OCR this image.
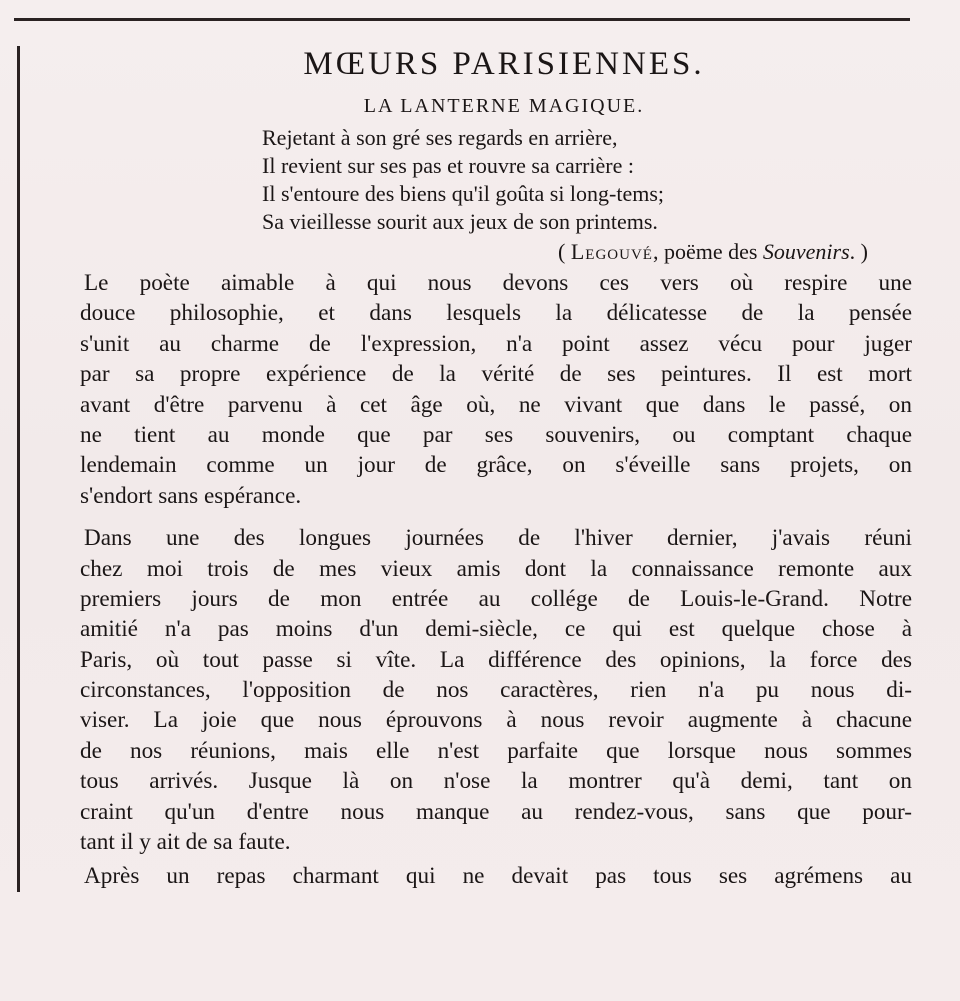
MŒURS PARISIENNES.
LA LANTERNE MAGIQUE.
Rejetant à son gré ses regards en arrière,
Il revient sur ses pas et rouvre sa carrière :
Il s'entoure des biens qu'il goûta si long-tems;
Sa vieillesse sourit aux jeux de son printems.
( Legouvé, poëme des Souvenirs. )
Le poète aimable à qui nous devons ces vers où respire une
douce philosophie, et dans lesquels la délicatesse de la pensée
s'unit au charme de l'expression, n'a point assez vécu pour juger
par sa propre expérience de la vérité de ses peintures. Il est mort
avant d'être parvenu à cet âge où, ne vivant que dans le passé, on
ne tient au monde que par ses souvenirs, ou comptant chaque
lendemain comme un jour de grâce, on s'éveille sans projets, on
s'endort sans espérance.
Dans une des longues journées de l'hiver dernier, j'avais réuni
chez moi trois de mes vieux amis dont la connaissance remonte aux
premiers jours de mon entrée au collége de Louis-le-Grand. Notre
amitié n'a pas moins d'un demi-siècle, ce qui est quelque chose à
Paris, où tout passe si vîte. La différence des opinions, la force des
circonstances, l'opposition de nos caractères, rien n'a pu nous di-
viser. La joie que nous éprouvons à nous revoir augmente à chacune
de nos réunions, mais elle n'est parfaite que lorsque nous sommes
tous arrivés. Jusque là on n'ose la montrer qu'à demi, tant on
craint qu'un d'entre nous manque au rendez-vous, sans que pour-
tant il y ait de sa faute.
Après un repas charmant qui ne devait pas tous ses agrémens au
